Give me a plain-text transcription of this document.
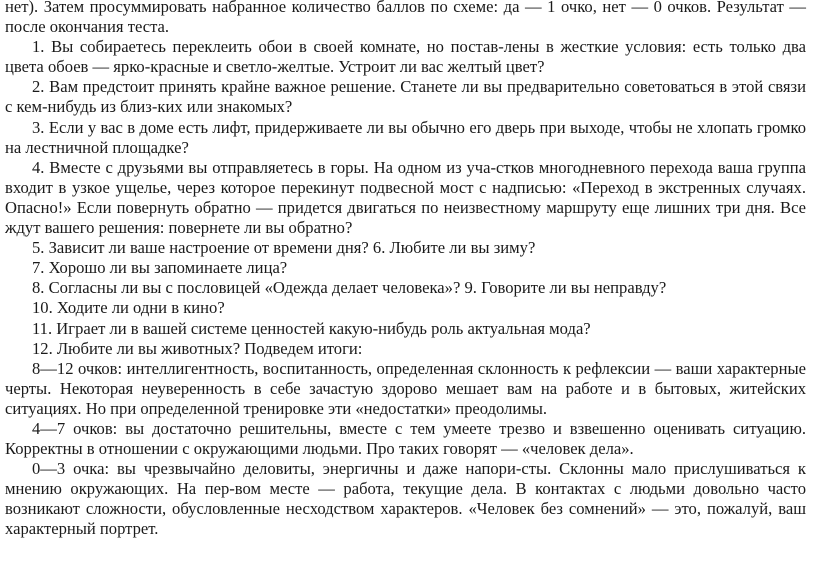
нет). Затем просуммировать набранное количество баллов по схеме: да — 1 очко, нет — 0 очков. Результат — после окончания теста.

1. Вы собираетесь переклеить обои в своей комнате, но постав-лены в жесткие условия: есть только два цвета обоев — ярко-красные и светло-желтые. Устроит ли вас желтый цвет?

2. Вам предстоит принять крайне важное решение. Станете ли вы предварительно советоваться в этой связи с кем-нибудь из близ-ких или знакомых?

3. Если у вас в доме есть лифт, придерживаете ли вы обычно его дверь при выходе, чтобы не хлопать громко на лестничной площадке?

4. Вместе с друзьями вы отправляетесь в горы. На одном из уча-стков многодневного перехода ваша группа входит в узкое ущелье, через которое перекинут подвесной мост с надписью: «Переход в экстренных случаях. Опасно!» Если повернуть обратно — придется двигаться по неизвестному маршруту еще лишних три дня. Все ждут вашего решения: повернете ли вы обратно?

5. Зависит ли ваше настроение от времени дня? 6. Любите ли вы зиму?

7. Хорошо ли вы запоминаете лица?

8. Согласны ли вы с пословицей «Одежда делает человека»? 9. Говорите ли вы неправду?

10. Ходите ли одни в кино?

11. Играет ли в вашей системе ценностей какую-нибудь роль актуальная мода?

12. Любите ли вы животных? Подведем итоги:

8—12 очков: интеллигентность, воспитанность, определенная склонность к рефлексии — ваши характерные черты. Некоторая неуверенность в себе зачастую здорово мешает вам на работе и в бытовых, житейских ситуациях. Но при определенной тренировке эти «недостатки» преодолимы.

4—7 очков: вы достаточно решительны, вместе с тем умеете трезво и взвешенно оценивать ситуацию. Корректны в отношении с окружающими людьми. Про таких говорят — «человек дела».

0—3 очка: вы чрезвычайно деловиты, энергичны и даже напори-сты. Склонны мало прислушиваться к мнению окружающих. На пер-вом месте — работа, текущие дела. В контактах с людьми довольно часто возникают сложности, обусловленные несходством характеров. «Человек без сомнений» — это, пожалуй, ваш характерный портрет.
